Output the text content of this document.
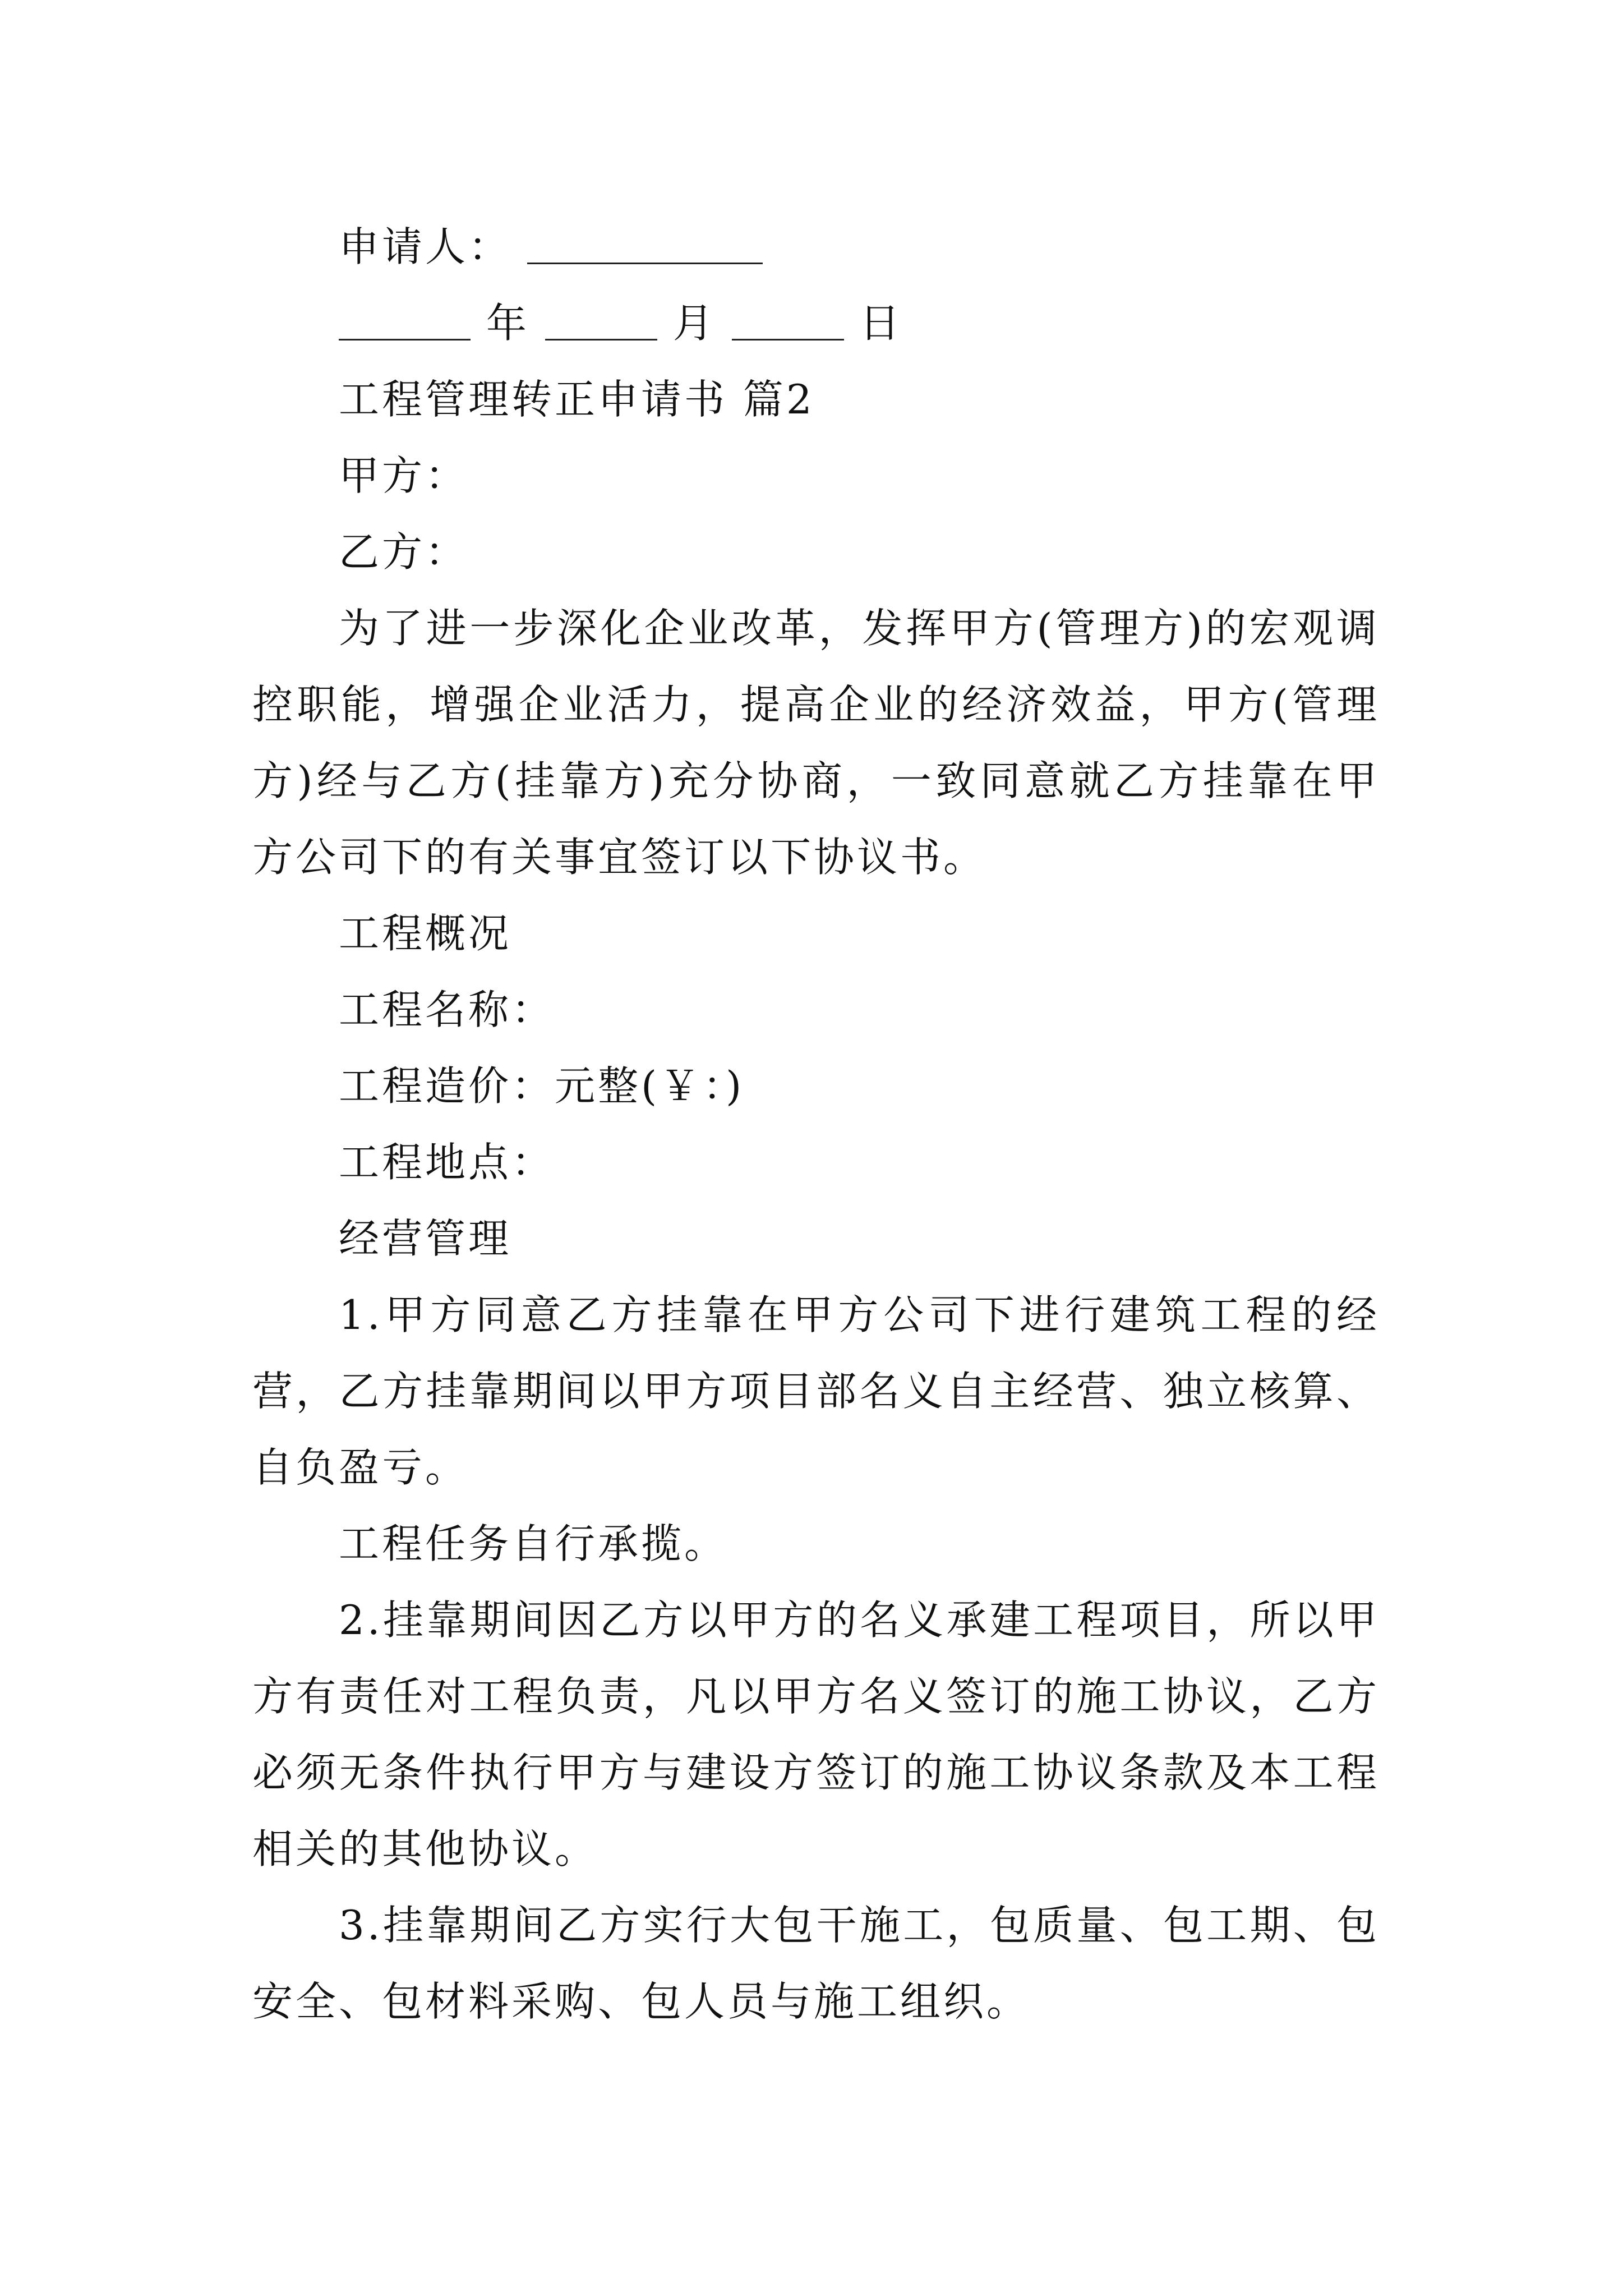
申请人：
年	月	日
工程管理转正申请书 篇2
甲方：
乙方：
为了进一步深化企业改革，发挥甲方(管理方)的宏观调控职能，增强企业活力，提高企业的经济效益，甲方(管理方)经与乙方(挂靠方)充分协商，一致同意就乙方挂靠在甲方公司下的有关事宜签订以下协议书。
工程概况
工程名称：
工程造价：元整(￥：)
工程地点：
经营管理
1.甲方同意乙方挂靠在甲方公司下进行建筑工程的经营，乙方挂靠期间以甲方项目部名义自主经营、独立核算、自负盈亏。
工程任务自行承揽。
2.挂靠期间因乙方以甲方的名义承建工程项目，所以甲方有责任对工程负责，凡以甲方名义签订的施工协议，乙方必须无条件执行甲方与建设方签订的施工协议条款及本工程相关的其他协议。
3.挂靠期间乙方实行大包干施工，包质量、包工期、包安全、包材料采购、包人员与施工组织。
